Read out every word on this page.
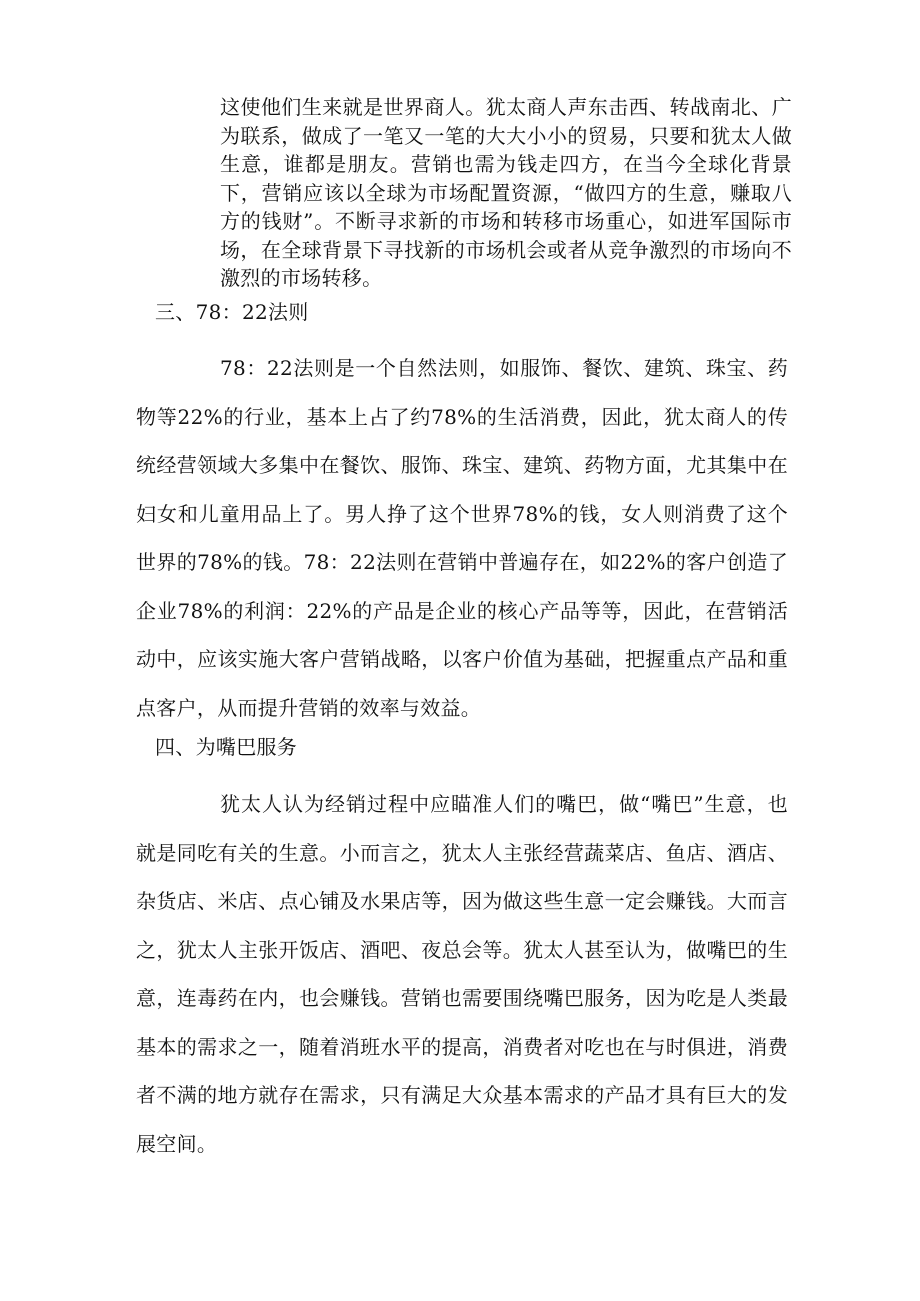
这使他们生来就是世界商人。犹太商人声东击西、转战南北、广为联系，做成了一笔又一笔的大大小小的贸易，只要和犹太人做生意，谁都是朋友。营销也需为钱走四方，在当今全球化背景下，营销应该以全球为市场配置资源，“做四方的生意，赚取八方的钱财”。不断寻求新的市场和转移市场重心，如进军国际市场，在全球背景下寻找新的市场机会或者从竞争激烈的市场向不激烈的市场转移。
三、78：22法则
78：22法则是一个自然法则，如服饰、餐饮、建筑、珠宝、药物等22%的行业，基本上占了约78%的生活消费，因此，犹太商人的传统经营领域大多集中在餐饮、服饰、珠宝、建筑、药物方面，尤其集中在妇女和儿童用品上了。男人挣了这个世界78%的钱，女人则消费了这个世界的78%的钱。78：22法则在营销中普遍存在，如22%的客户创造了企业78%的利润：22%的产品是企业的核心产品等等，因此，在营销活动中，应该实施大客户营销战略，以客户价值为基础，把握重点产品和重点客户，从而提升营销的效率与效益。
四、为嘴巴服务
犹太人认为经销过程中应瞄准人们的嘴巴，做“嘴巴”生意，也就是同吃有关的生意。小而言之，犹太人主张经营蔬菜店、鱼店、酒店、杂货店、米店、点心铺及水果店等，因为做这些生意一定会赚钱。大而言之，犹太人主张开饭店、酒吧、夜总会等。犹太人甚至认为，做嘴巴的生意，连毒药在内，也会赚钱。营销也需要围绕嘴巴服务，因为吃是人类最基本的需求之一，随着消班水平的提高，消费者对吃也在与时俱进，消费者不满的地方就存在需求，只有满足大众基本需求的产品才具有巨大的发展空间。
